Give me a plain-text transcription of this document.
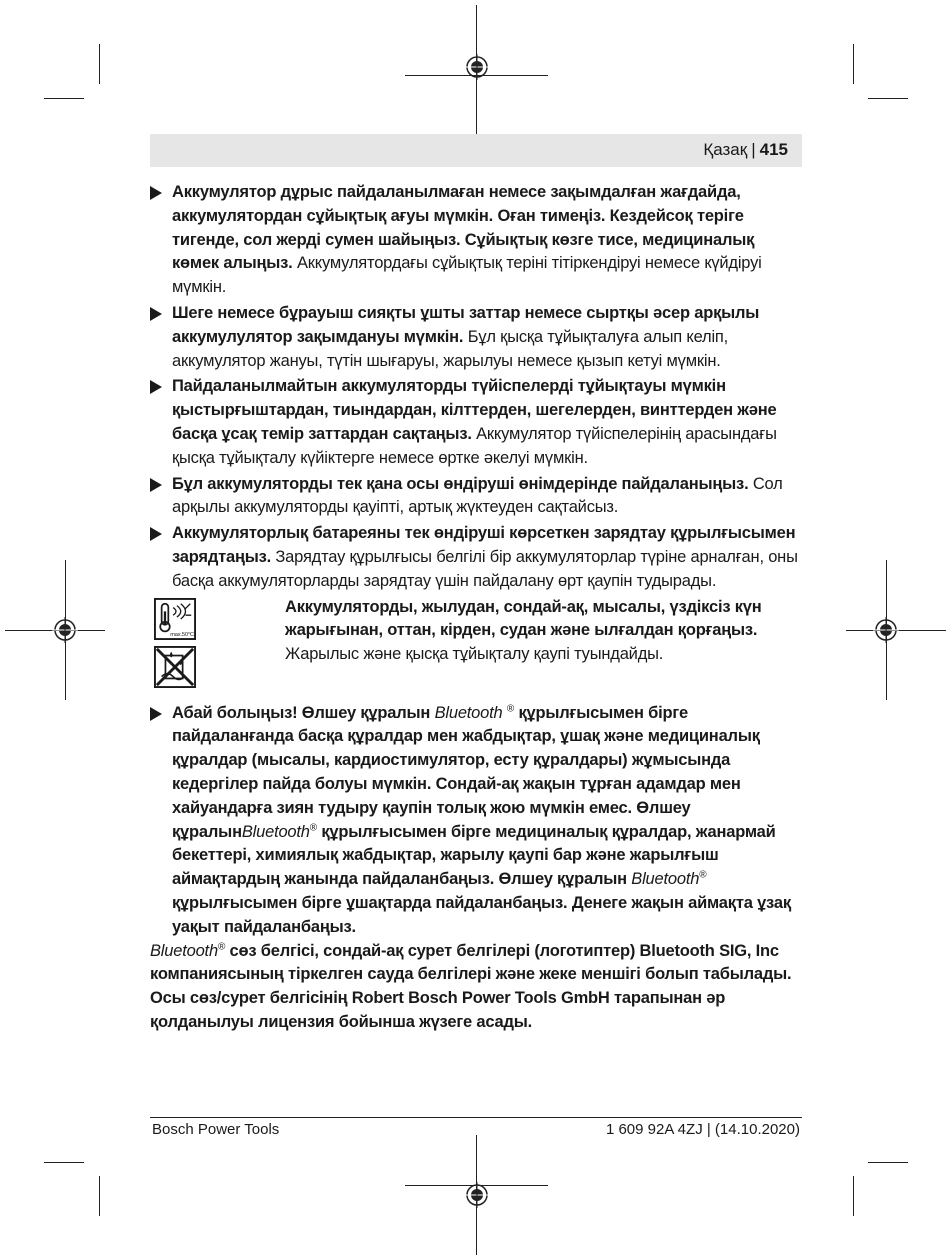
Қазақ | 415
Аккумулятор дұрыс пайдаланылмаған немесе зақымдалған жағдайда, аккумулятордан сұйықтық ағуы мүмкін. Оған тимеңіз. Кездейсоқ теріге тигенде, сол жерді сумен шайыңыз. Сұйықтық көзге тисе, медициналық көмек алыңыз. Аккумулятордағы сұйықтық теріні тітіркендіруі немесе күйдіруі мүмкін.
Шеге немесе бұрауыш сияқты ұшты заттар немесе сыртқы әсер арқылы аккумулулятор зақымдануы мүмкін. Бұл қысқа тұйықталуға алып келіп, аккумулятор жануы, түтін шығаруы, жарылуы немесе қызып кетуі мүмкін.
Пайдаланылмайтын аккумуляторды түйіспелерді тұйықтауы мүмкін қыстырғыштардан, тиындардан, кілттерден, шегелерден, винттерден және басқа ұсақ темір заттардан сақтаңыз. Аккумулятор түйіспелерінің арасындағы қысқа тұйықталу күйіктерге немесе өртке әкелуі мүмкін.
Бұл аккумуляторды тек қана осы өндіруші өнімдерінде пайдаланыңыз. Сол арқылы аккумуляторды қауіпті, артық жүктеуден сақтайсыз.
Аккумуляторлық батареяны тек өндіруші көрсеткен зарядтау құрылғысымен зарядтаңыз. Зарядтау құрылғысы белгілі бір аккумуляторлар түріне арналған, оны басқа аккумуляторларды зарядтау үшін пайдалану өрт қаупін тудырады.
max.50°C
Аккумуляторды, жылудан, сондай-ақ, мысалы, үздіксіз күн жарығынан, оттан, кірден, судан және ылғалдан қорғаңыз. Жарылыс және қысқа тұйықталу қаупі туындайды.
Абай болыңыз! Өлшеу құралын Bluetooth ® құрылғысымен бірге пайдаланғанда басқа құралдар мен жабдықтар, ұшақ және медициналық құралдар (мысалы, кардиостимулятор, есту құралдары) жұмысында кедергілер пайда болуы мүмкін. Сондай-ақ жақын тұрған адамдар мен хайуандарға зиян тудыру қаупін толық жою мүмкін емес. Өлшеу құралынBluetooth® құрылғысымен бірге медициналық құралдар, жанармай бекеттері, химиялық жабдықтар, жарылу қаупі бар және жарылғыш аймақтардың жанында пайдаланбаңыз. Өлшеу құралын Bluetooth® құрылғысымен бірге ұшақтарда пайдаланбаңыз. Денеге жақын аймақта ұзақ уақыт пайдаланбаңыз.
Bluetooth® сөз белгісі, сондай-ақ сурет белгілері (логотиптер) Bluetooth SIG, Inc компаниясының тіркелген сауда белгілері және жеке меншігі болып табылады. Осы сөз/сурет белгісінің Robert Bosch Power Tools GmbH тарапынан әр қолданылуы лицензия бойынша жүзеге асады.
Bosch Power Tools	1 609 92A 4ZJ | (14.10.2020)
